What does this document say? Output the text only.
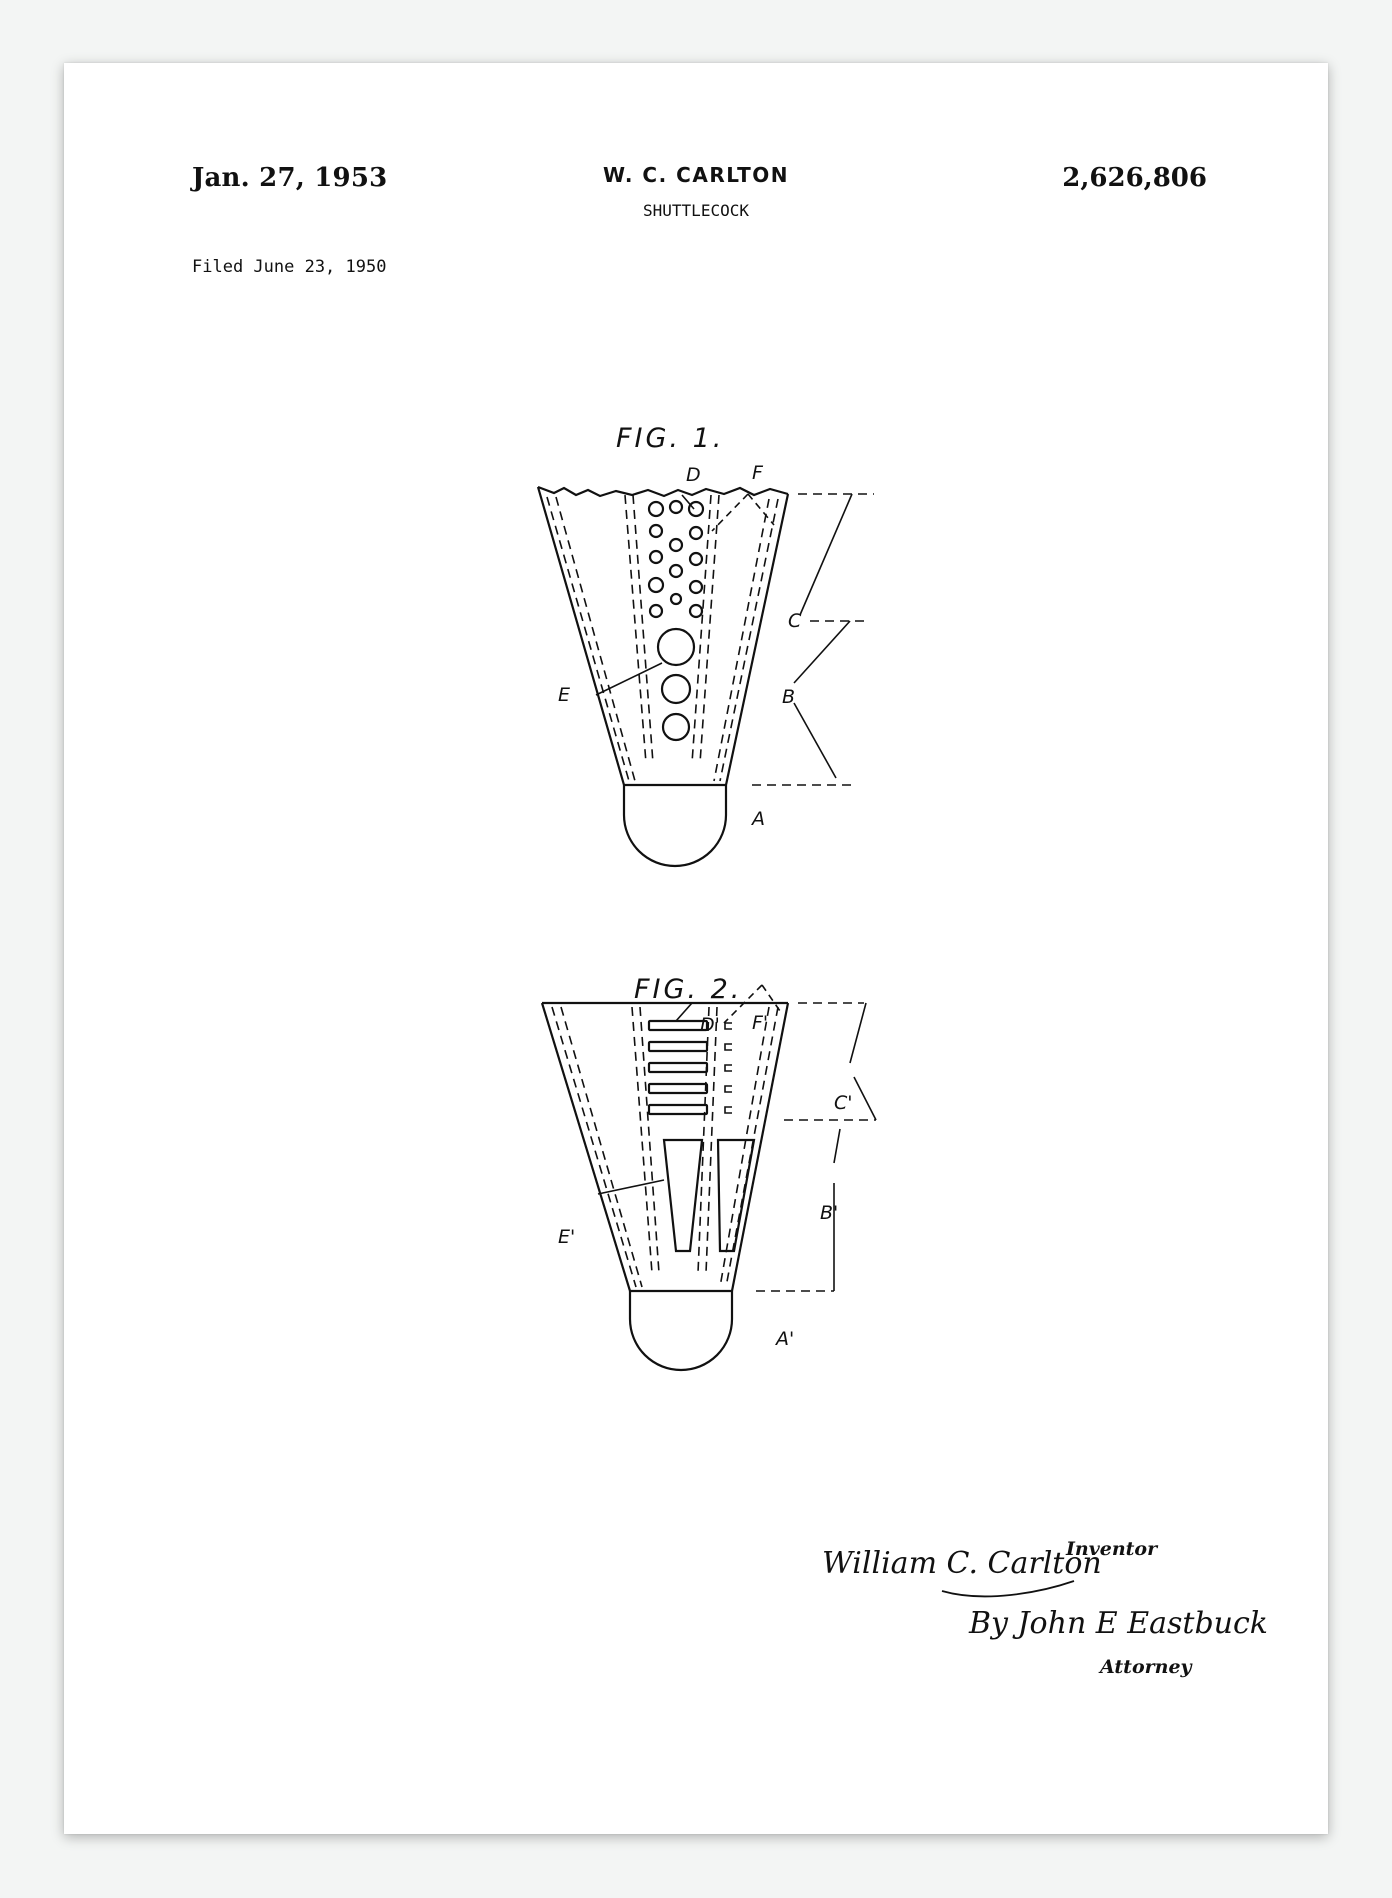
Jan. 27, 1953	W. C. CARLTON
SHUTTLECOCK
2,626,806
Filed June 23, 1950
FIG. 1.
FIG. 2.
D	F
C
B
E
A
D' F'
C'
B'
E'
A'
William C. Carlton
Inventor
By John E Eastbuck
Attorney
